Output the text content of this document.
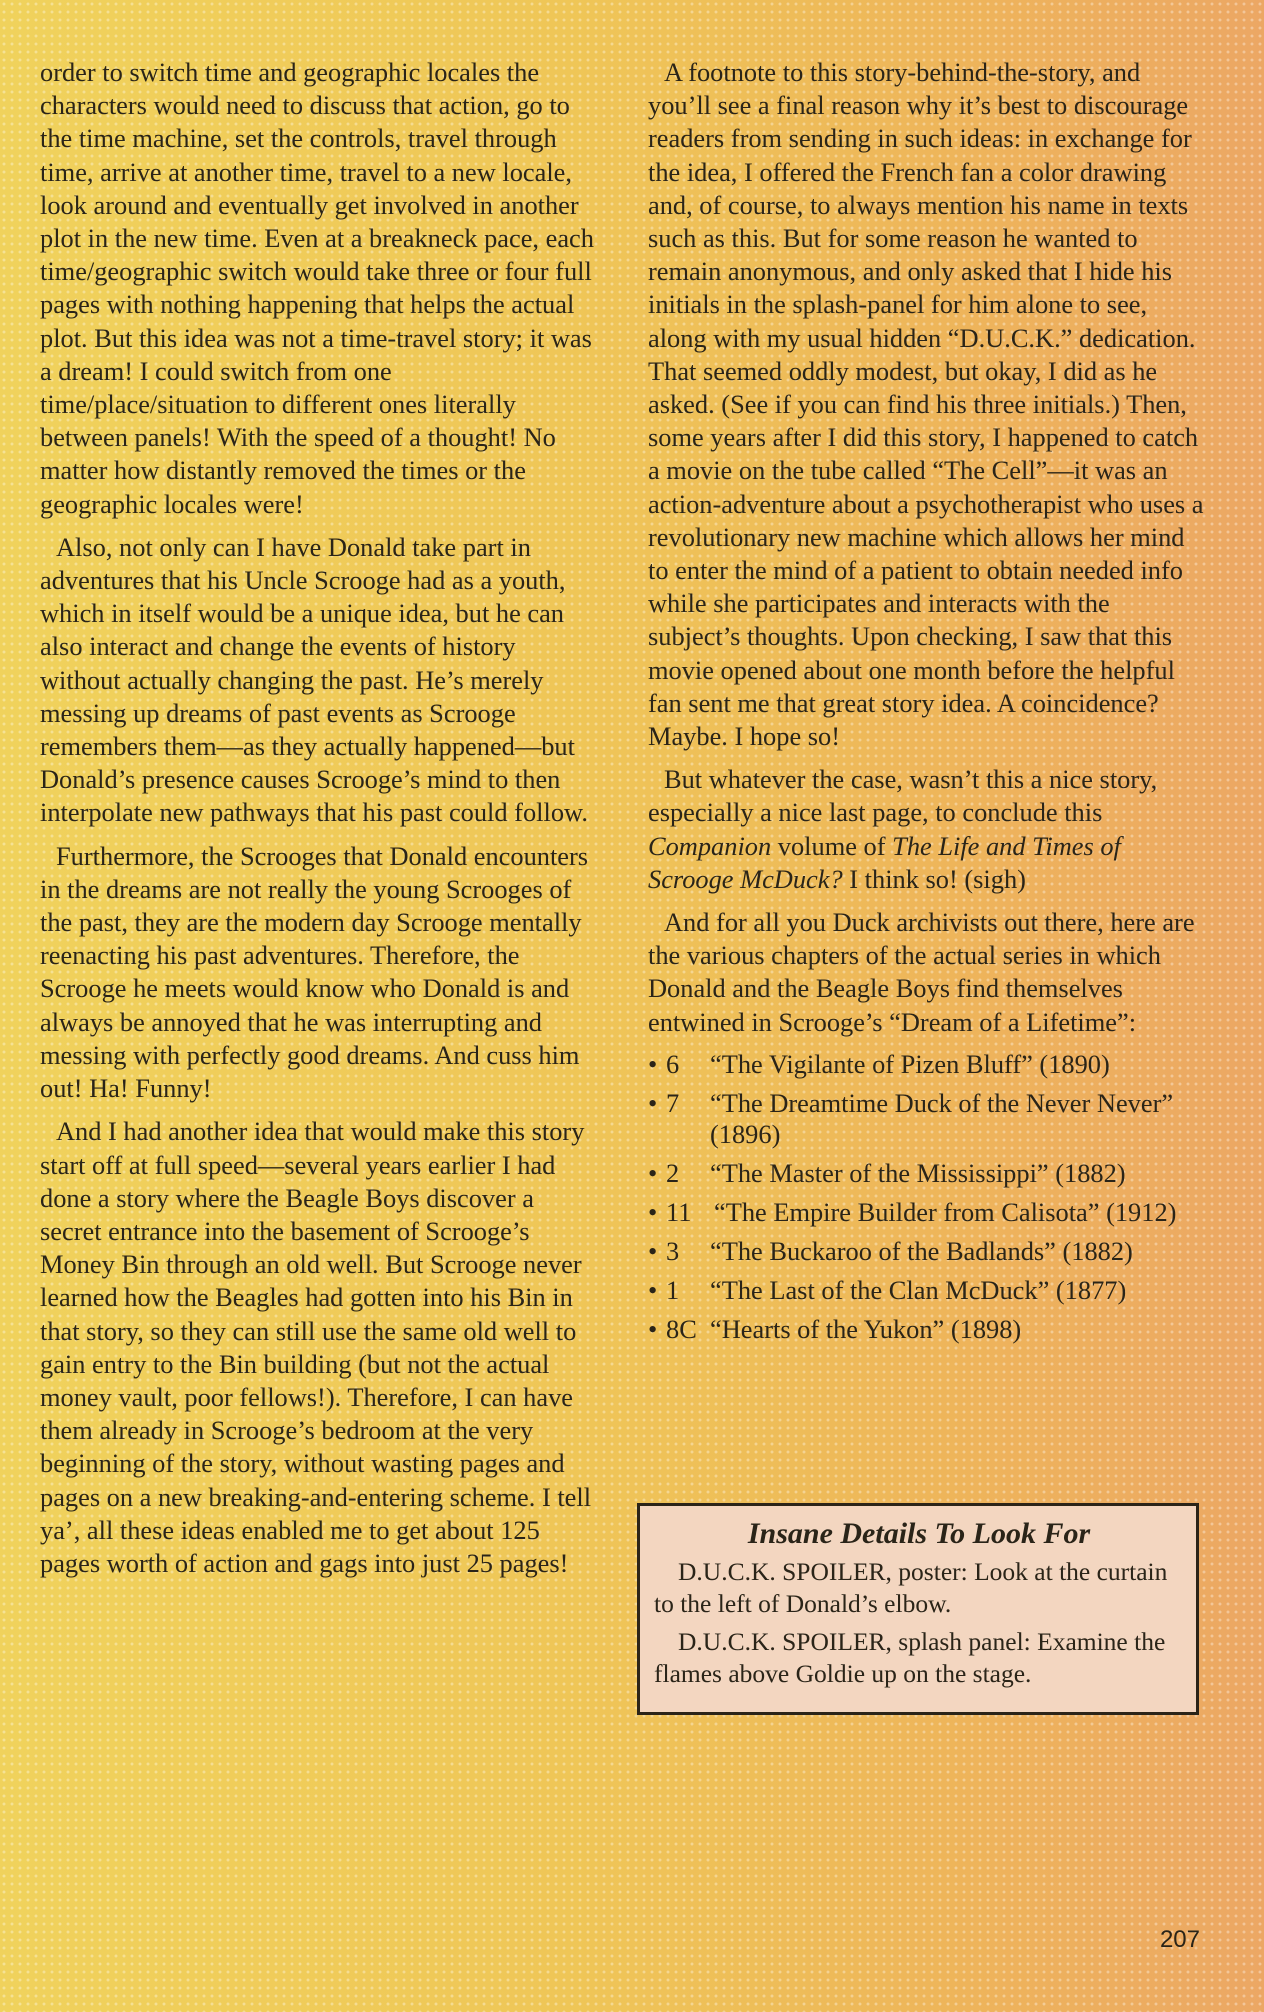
order to switch time and geographic locales the characters would need to discuss that action, go to the time machine, set the controls, travel through time, arrive at another time, travel to a new locale, look around and eventually get involved in another plot in the new time. Even at a breakneck pace, each time/geographic switch would take three or four full pages with nothing happening that helps the actual plot. But this idea was not a time-travel story; it was a dream! I could switch from one time/place/situation to different ones literally between panels! With the speed of a thought! No matter how distantly removed the times or the geographic locales were!

Also, not only can I have Donald take part in adventures that his Uncle Scrooge had as a youth, which in itself would be a unique idea, but he can also interact and change the events of history without actually changing the past. He’s merely messing up dreams of past events as Scrooge remembers them—as they actually happened—but Donald’s presence causes Scrooge’s mind to then interpolate new pathways that his past could follow.

Furthermore, the Scrooges that Donald encounters in the dreams are not really the young Scrooges of the past, they are the modern day Scrooge mentally reenacting his past adventures. Therefore, the Scrooge he meets would know who Donald is and always be annoyed that he was interrupting and messing with perfectly good dreams. And cuss him out! Ha! Funny!

And I had another idea that would make this story start off at full speed—several years earlier I had done a story where the Beagle Boys discover a secret entrance into the basement of Scrooge’s Money Bin through an old well. But Scrooge never learned how the Beagles had gotten into his Bin in that story, so they can still use the same old well to gain entry to the Bin building (but not the actual money vault, poor fellows!). Therefore, I can have them already in Scrooge’s bedroom at the very beginning of the story, without wasting pages and pages on a new breaking-and-entering scheme. I tell ya’, all these ideas enabled me to get about 125 pages worth of action and gags into just 25 pages!

A footnote to this story-behind-the-story, and you’ll see a final reason why it’s best to discourage readers from sending in such ideas: in exchange for the idea, I offered the French fan a color drawing and, of course, to always mention his name in texts such as this. But for some reason he wanted to remain anonymous, and only asked that I hide his initials in the splash-panel for him alone to see, along with my usual hidden “D.U.C.K.” dedication. That seemed oddly modest, but okay, I did as he asked. (See if you can find his three initials.) Then, some years after I did this story, I happened to catch a movie on the tube called “The Cell”—it was an action-adventure about a psychotherapist who uses a revolutionary new machine which allows her mind to enter the mind of a patient to obtain needed info while she participates and interacts with the subject’s thoughts. Upon checking, I saw that this movie opened about one month before the helpful fan sent me that great story idea. A coincidence? Maybe. I hope so!

But whatever the case, wasn’t this a nice story, especially a nice last page, to conclude this Companion volume of The Life and Times of Scrooge McDuck? I think so! (sigh)

And for all you Duck archivists out there, here are the various chapters of the actual series in which Donald and the Beagle Boys find themselves entwined in Scrooge’s “Dream of a Lifetime”:

• 6	“The Vigilante of Pizen Bluff” (1890)
• 7	“The Dreamtime Duck of the Never Never” (1896)
• 2	“The Master of the Mississippi” (1882)
• 11 “The Empire Builder from Calisota” (1912)
• 3	“The Buckaroo of the Badlands” (1882)
• 1	“The Last of the Clan McDuck” (1877)
• 8C “Hearts of the Yukon” (1898)

Insane Details To Look For

D.U.C.K. SPOILER, poster: Look at the curtain to the left of Donald’s elbow.

D.U.C.K. SPOILER, splash panel: Examine the flames above Goldie up on the stage.

207
